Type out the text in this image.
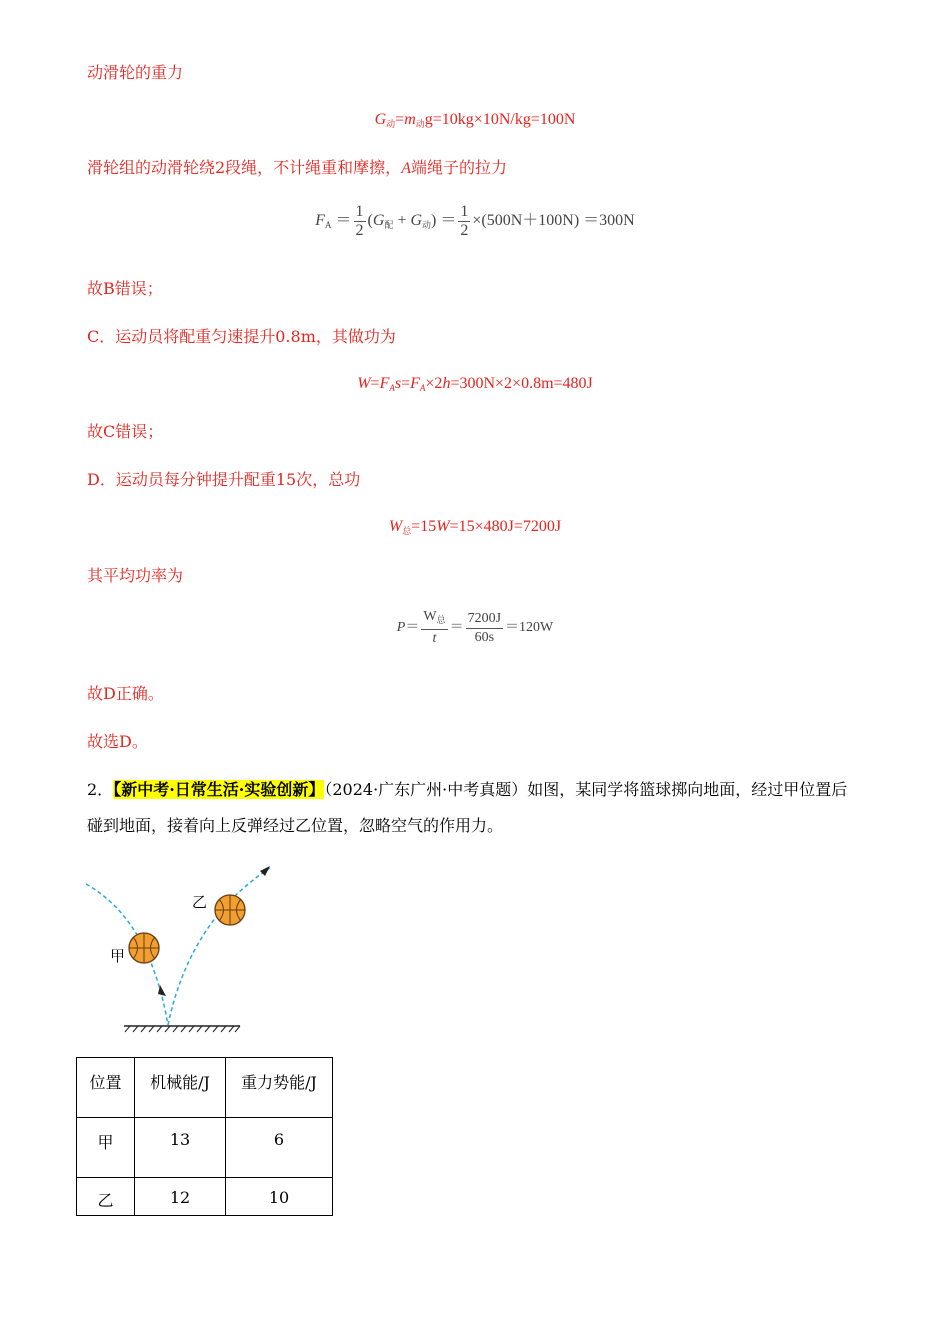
动滑轮的重力
$G_动=m_动g=10kg\times 10N/kg=100N$
滑轮组的动滑轮绕2段绳，不计绳重和摩擦，A端绳子的拉力
$F_A = \frac{1}{2} (G_配 + G_动) = \frac{1}{2} \times(500N+100N) =300N$
故B错误；
C．运动员将配重匀速提升0.8m，其做功为
$W=F_As=F_A\times 2h=300N\times 2\times 0.8m=480J$
故C错误；
D．运动员每分钟提升配重15次，总功
$W_总=15W=15\times 480J=7200J$
其平均功率为
$P= \frac{W_总}{t} = \frac{7200J}{60s} =120W$
故D正确。
故选D。
2．【新中考·日常生活·实验创新】（2024·广东广州·中考真题）如图，某同学将篮球掷向地面，经过甲位置后碰到地面，接着向上反弹经过乙位置，忽略空气的作用力。
甲
乙
位置	机械能/J	重力势能/J
甲	13	6
乙	12	10
